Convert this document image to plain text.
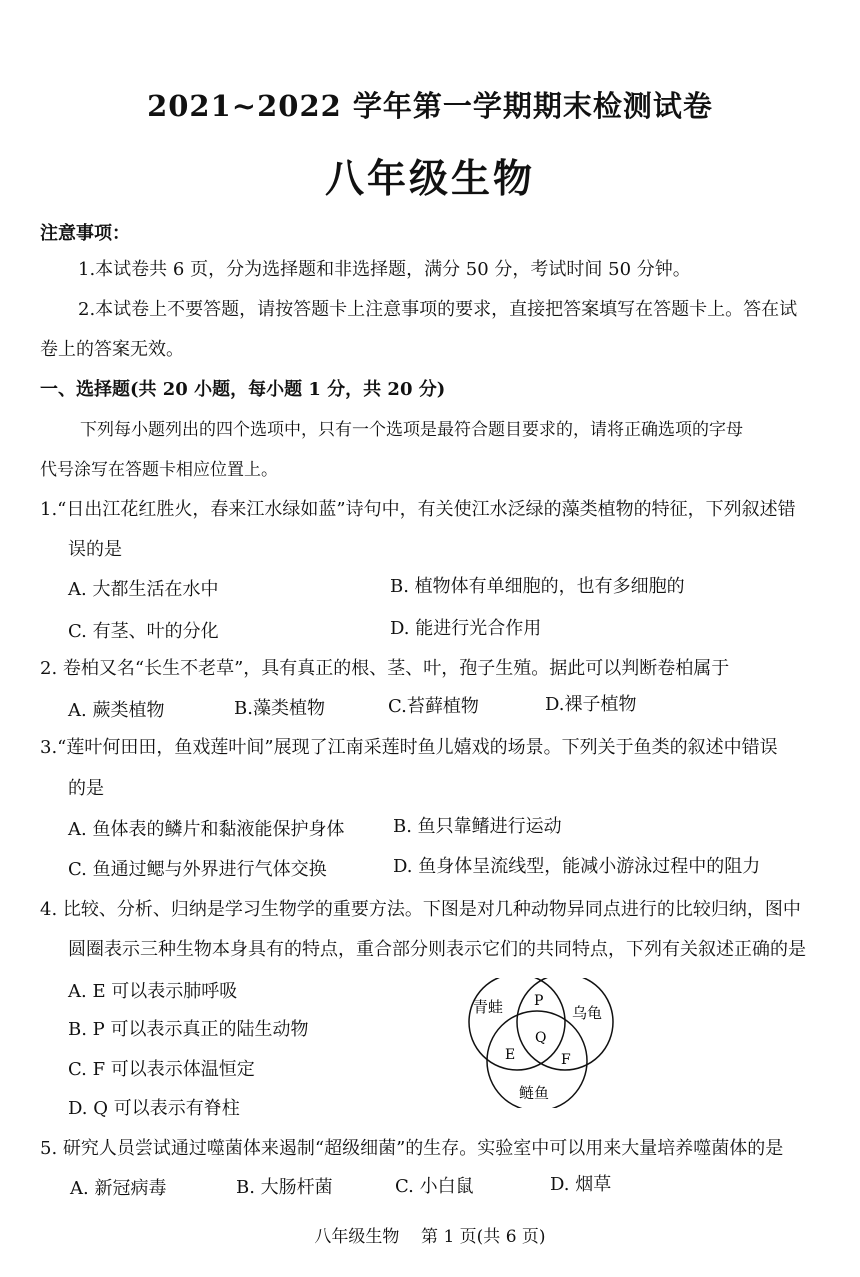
2021~2022 学年第一学期期末检测试卷
八年级生物
注意事项：
1.本试卷共 6 页，分为选择题和非选择题，满分 50 分，考试时间 50 分钟。
2.本试卷上不要答题，请按答题卡上注意事项的要求，直接把答案填写在答题卡上。答在试
卷上的答案无效。
一、选择题(共 20 小题，每小题 1 分，共 20 分)
下列每小题列出的四个选项中，只有一个选项是最符合题目要求的，请将正确选项的字母
代号涂写在答题卡相应位置上。
1.“日出江花红胜火，春来江水绿如蓝”诗句中，有关使江水泛绿的藻类植物的特征，下列叙述错
误的是
A. 大都生活在水中	B. 植物体有单细胞的，也有多细胞的
C. 有茎、叶的分化	D. 能进行光合作用
2. 卷柏又名“长生不老草”，具有真正的根、茎、叶，孢子生殖。据此可以判断卷柏属于
A. 蕨类植物	B.藻类植物	C.苔藓植物	D.裸子植物
3.“莲叶何田田，鱼戏莲叶间”展现了江南采莲时鱼儿嬉戏的场景。下列关于鱼类的叙述中错误
的是
A. 鱼体表的鳞片和黏液能保护身体	B. 鱼只靠鳍进行运动
C. 鱼通过鳃与外界进行气体交换	D. 鱼身体呈流线型，能减小游泳过程中的阻力
4. 比较、分析、归纳是学习生物学的重要方法。下图是对几种动物异同点进行的比较归纳，图中
圆圈表示三种生物本身具有的特点，重合部分则表示它们的共同特点，下列有关叙述正确的是
A. E 可以表示肺呼吸
B. P 可以表示真正的陆生动物
C. F 可以表示体温恒定
D. Q 可以表示有脊柱
青蛙	乌龟
鲢鱼
P
Q
E	F
5. 研究人员尝试通过噬菌体来遏制“超级细菌”的生存。实验室中可以用来大量培养噬菌体的是
A. 新冠病毒	B. 大肠杆菌	C. 小白鼠	D. 烟草
八年级生物    第 1 页(共 6 页)
